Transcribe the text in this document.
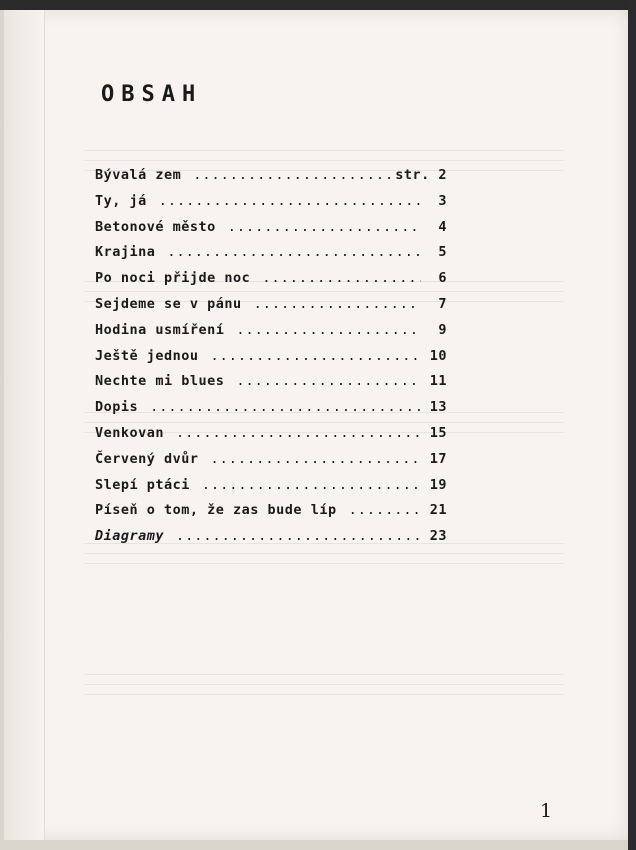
OBSAH
Bývalá zem .....	str. 2
Ty, já .....	3
Betonové město .....	4
Krajina .....	5
Po noci přijde noc .....	6
Sejdeme se v pánu .....	7
Hodina usmíření .....	9
Ještě jednou .....	10
Nechte mi blues .....	11
Dopis .....	13
Venkovan .....	15
Červený dvůr .....	17
Slepí ptáci .....	19
Píseň o tom, že zas bude líp .....	21
Diagramy .....	23
1
